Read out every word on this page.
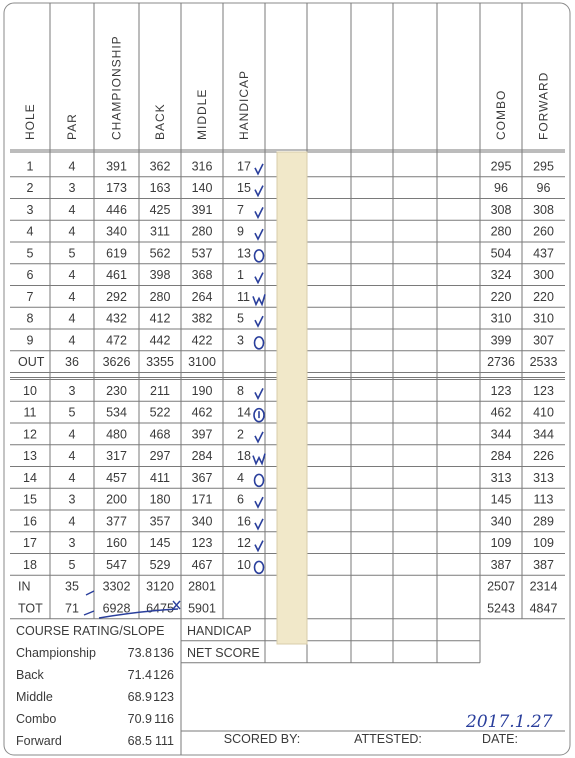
HOLE PAR	CHAMPIONSHIP BACK MIDDLE HANDICAP	COMBO FORWARD
1	4 391 362 316 17	295 295
2	3 173 163 140 15	96 96
3	4 446 425 391 7	308 308
4	4 340 311 280 9	280 260
5	5 619 562 537 13	504 437
6	4 461 398 368 1	324 300
7	4 292 280 264 11	220 220
8	4 432 412 382 5	310 310
9	4 472 442 422 3	399 307
OUT 36 3626 3355 3100	2736 2533
10	3 230 211 190 8	123 123
11	5 534 522 462 14	462 410
12	4 480 468 397 2	344 344
13	4 317 297 284 18	284 226
14	4 457 411 367 4	313 313
15	3 200 180 171 6	145 113
16	4 377 357 340 16	340 289
17	3 160 145 123 12	109 109
18	5 547 529 467 10	387 387
IN	35 3302 3120 2801	2507 2314
TOT 71 6928 6475 5901	5243 4847
COURSE RATING/SLOPE
Championship	73.8 136
Back	71.4 126
Middle	68.9 123
Combo	70.9 116
Forward	68.5 111
HANDICAP
NET SCORE
SCORED BY:	ATTESTED:	DATE:
2017.1.27
